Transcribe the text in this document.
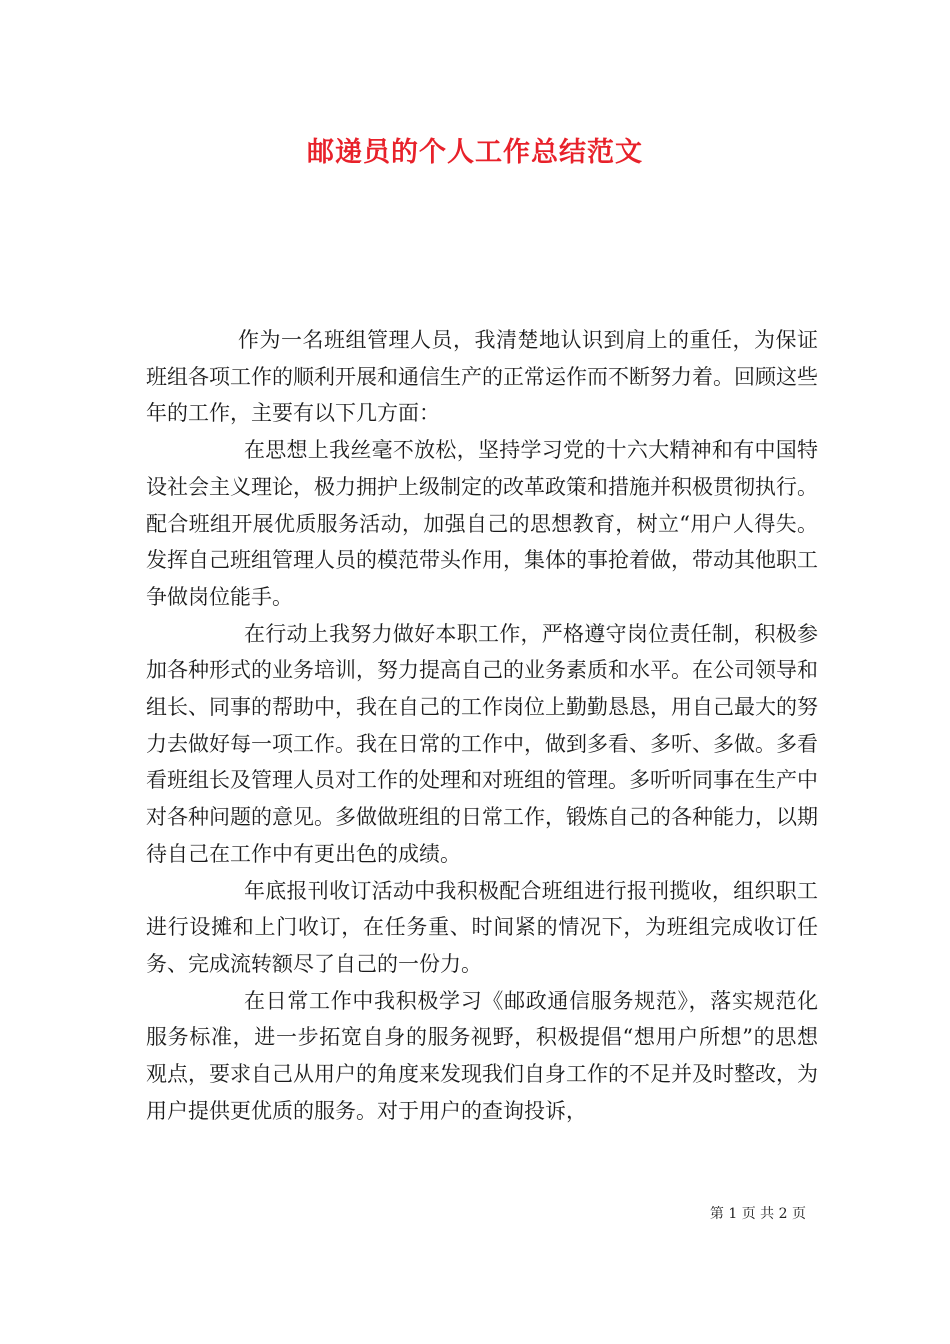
邮递员的个人工作总结范文

作为一名班组管理人员，我清楚地认识到肩上的重任，为保证班组各项工作的顺利开展和通信生产的正常运作而不断努力着。回顾这些年的工作，主要有以下几方面：

在思想上我丝毫不放松，坚持学习党的十六大精神和有中国特设社会主义理论，极力拥护上级制定的改革政策和措施并积极贯彻执行。配合班组开展优质服务活动，加强自己的思想教育，树立“用户人得失。发挥自己班组管理人员的模范带头作用，集体的事抢着做，带动其他职工争做岗位能手。

在行动上我努力做好本职工作，严格遵守岗位责任制，积极参加各种形式的业务培训，努力提高自己的业务素质和水平。在公司领导和组长、同事的帮助中，我在自己的工作岗位上勤勤恳恳，用自己最大的努力去做好每一项工作。我在日常的工作中，做到多看、多听、多做。多看看班组长及管理人员对工作的处理和对班组的管理。多听听同事在生产中对各种问题的意见。多做做班组的日常工作，锻炼自己的各种能力，以期待自己在工作中有更出色的成绩。

年底报刊收订活动中我积极配合班组进行报刊揽收，组织职工进行设摊和上门收订，在任务重、时间紧的情况下，为班组完成收订任务、完成流转额尽了自己的一份力。

在日常工作中我积极学习《邮政通信服务规范》，落实规范化服务标准，进一步拓宽自身的服务视野，积极提倡“想用户所想”的思想观点，要求自己从用户的角度来发现我们自身工作的不足并及时整改，为用户提供更优质的服务。对于用户的查询投诉，

第 1 页 共 2 页
